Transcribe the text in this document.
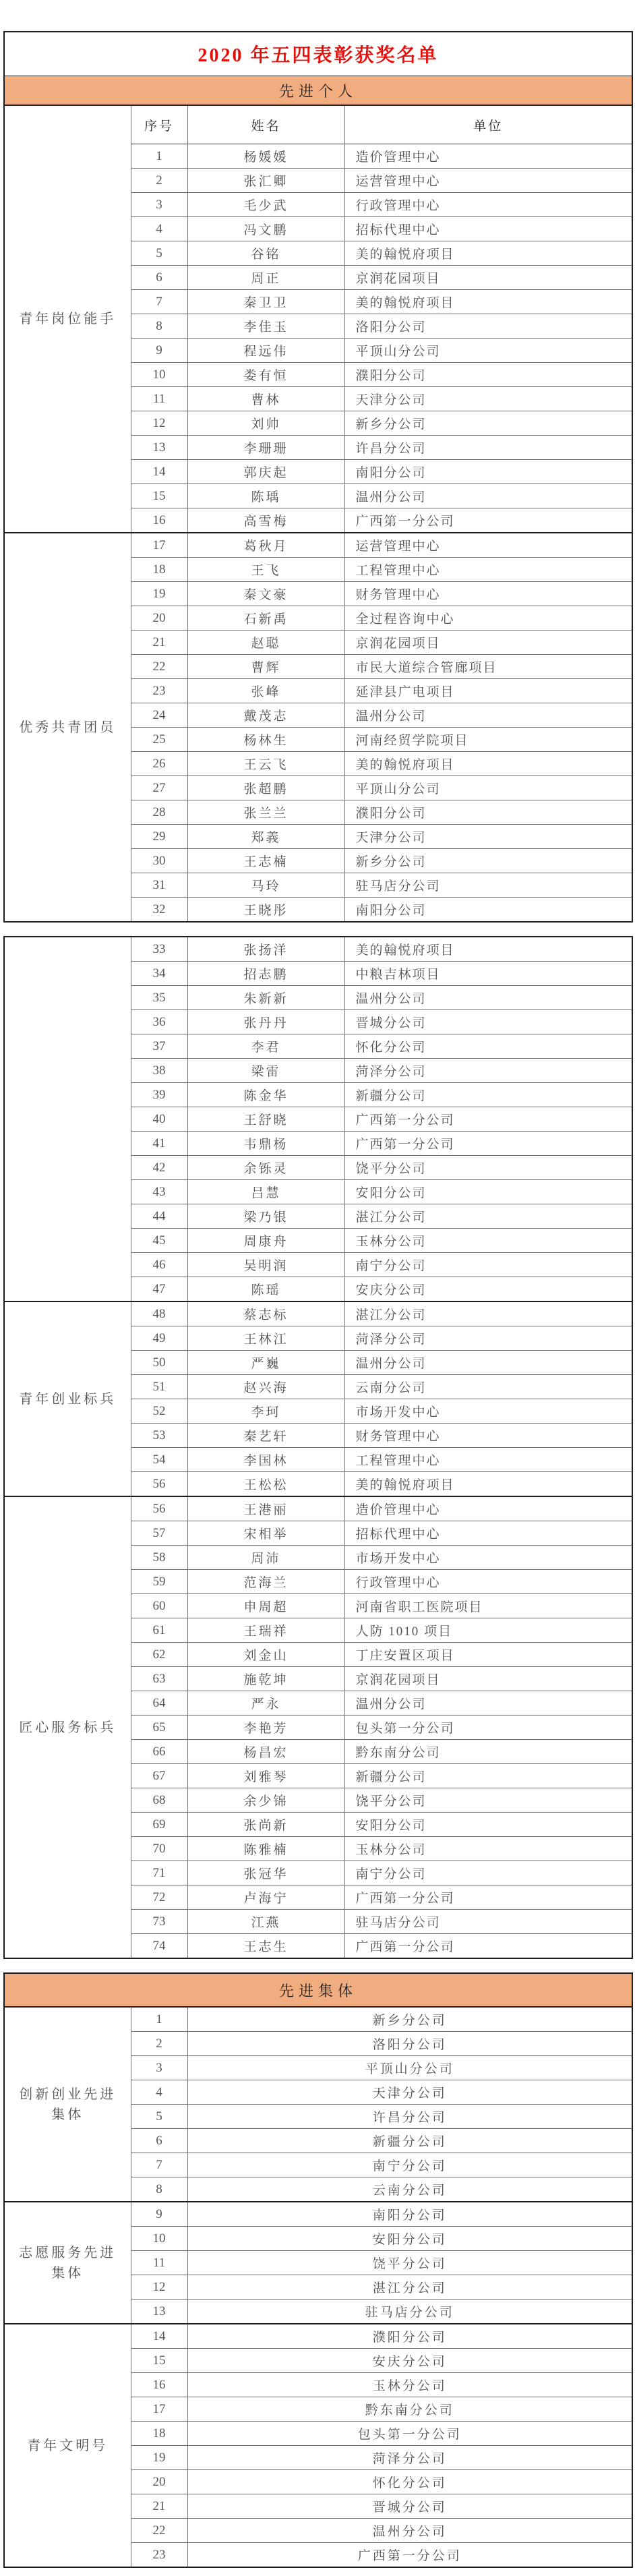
2020 年五四表彰获奖名单			
先进个人			
青年岗位能手	序号	姓名	单位
	1	杨媛媛	造价管理中心
	2	张汇卿	运营管理中心
	3	毛少武	行政管理中心
	4	冯文鹏	招标代理中心
	5	谷铭	美的翰悦府项目
	6	周正	京润花园项目
	7	秦卫卫	美的翰悦府项目
	8	李佳玉	洛阳分公司
	9	程远伟	平顶山分公司
	10	娄有恒	濮阳分公司
	11	曹林	天津分公司
	12	刘帅	新乡分公司
	13	李珊珊	许昌分公司
	14	郭庆起	南阳分公司
	15	陈瑀	温州分公司
	16	高雪梅	广西第一分公司
优秀共青团员	17	葛秋月	运营管理中心
	18	王飞	工程管理中心
	19	秦文豪	财务管理中心
	20	石新禹	全过程咨询中心
	21	赵聪	京润花园项目
	22	曹辉	市民大道综合管廊项目
	23	张峰	延津县广电项目
	24	戴茂志	温州分公司
	25	杨林生	河南经贸学院项目
	26	王云飞	美的翰悦府项目
	27	张超鹏	平顶山分公司
	28	张兰兰	濮阳分公司
	29	郑義	天津分公司
	30	王志楠	新乡分公司
	31	马玲	驻马店分公司
	32	王晓彤	南阳分公司
	33	张扬洋	美的翰悦府项目
	34	招志鹏	中粮吉林项目
	35	朱新新	温州分公司
	36	张丹丹	晋城分公司
	37	李君	怀化分公司
	38	梁雷	菏泽分公司
	39	陈金华	新疆分公司
	40	王舒晓	广西第一分公司
	41	韦鼎杨	广西第一分公司
	42	余铄灵	饶平分公司
	43	吕慧	安阳分公司
	44	梁乃银	湛江分公司
	45	周康舟	玉林分公司
	46	吴明润	南宁分公司
	47	陈瑶	安庆分公司
青年创业标兵	48	蔡志标	湛江分公司
	49	王林江	菏泽分公司
	50	严巍	温州分公司
	51	赵兴海	云南分公司
	52	李珂	市场开发中心
	53	秦艺轩	财务管理中心
	54	李国林	工程管理中心
	56	王松松	美的翰悦府项目
匠心服务标兵	56	王港丽	造价管理中心
	57	宋相举	招标代理中心
	58	周沛	市场开发中心
	59	范海兰	行政管理中心
	60	申周超	河南省职工医院项目
	61	王瑞祥	人防 1010 项目
	62	刘金山	丁庄安置区项目
	63	施乾坤	京润花园项目
	64	严永	温州分公司
	65	李艳芳	包头第一分公司
	66	杨昌宏	黔东南分公司
	67	刘雅琴	新疆分公司
	68	余少锦	饶平分公司
	69	张尚新	安阳分公司
	70	陈雅楠	玉林分公司
	71	张冠华	南宁分公司
	72	卢海宁	广西第一分公司
	73	江燕	驻马店分公司
	74	王志生	广西第一分公司
先进集体		
创新创业先进集体	1	新乡分公司
	2	洛阳分公司
	3	平顶山分公司
	4	天津分公司
	5	许昌分公司
	6	新疆分公司
	7	南宁分公司
	8	云南分公司
志愿服务先进集体	9	南阳分公司
	10	安阳分公司
	11	饶平分公司
	12	湛江分公司
	13	驻马店分公司
青年文明号	14	濮阳分公司
	15	安庆分公司
	16	玉林分公司
	17	黔东南分公司
	18	包头第一分公司
	19	菏泽分公司
	20	怀化分公司
	21	晋城分公司
	22	温州分公司
	23	广西第一分公司
